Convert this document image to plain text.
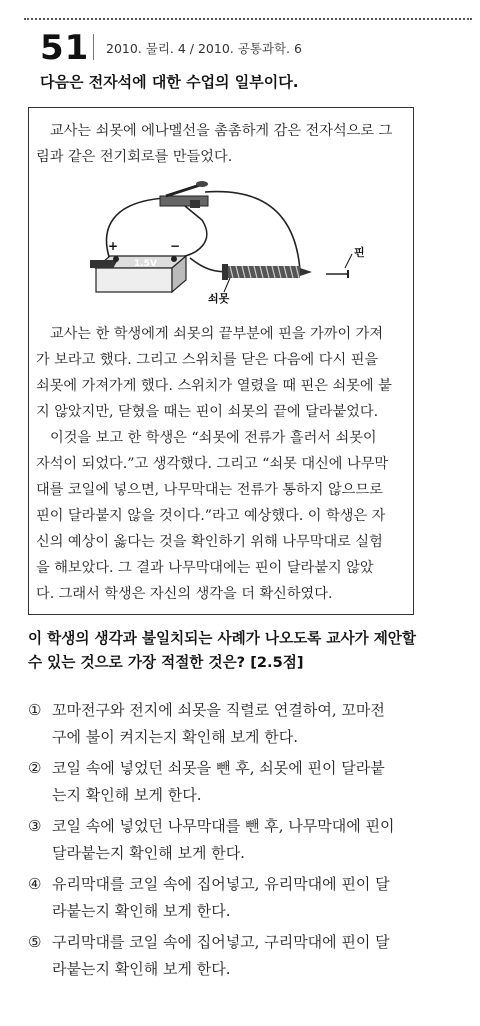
51 2010. 물리. 4 / 2010. 공통과학. 6
다음은 전자석에 대한 수업의 일부이다.
교사는 쇠못에 에나멜선을 촘촘하게 감은 전자석으로 그
림과 같은 전기회로를 만들었다.
1.5V
+	−
쇠못
핀
교사는 한 학생에게 쇠못의 끝부분에 핀을 가까이 가져
가 보라고 했다. 그리고 스위치를 닫은 다음에 다시 핀을
쇠못에 가져가게 했다. 스위치가 열렸을 때 핀은 쇠못에 붙
지 않았지만, 닫혔을 때는 핀이 쇠못의 끝에 달라붙었다.
이것을 보고 한 학생은 “쇠못에 전류가 흘러서 쇠못이
자석이 되었다.”고 생각했다. 그리고 “쇠못 대신에 나무막
대를 코일에 넣으면, 나무막대는 전류가 통하지 않으므로
핀이 달라붙지 않을 것이다.”라고 예상했다. 이 학생은 자
신의 예상이 옳다는 것을 확인하기 위해 나무막대로 실험
을 해보았다. 그 결과 나무막대에는 핀이 달라붙지 않았
다. 그래서 학생은 자신의 생각을 더 확신하였다.
이 학생의 생각과 불일치되는 사례가 나오도록 교사가 제안할
수 있는 것으로 가장 적절한 것은? [2.5점]
① 꼬마전구와 전지에 쇠못을 직렬로 연결하여, 꼬마전
구에 불이 켜지는지 확인해 보게 한다.
② 코일 속에 넣었던 쇠못을 뺀 후, 쇠못에 핀이 달라붙
는지 확인해 보게 한다.
③ 코일 속에 넣었던 나무막대를 뺀 후, 나무막대에 핀이
달라붙는지 확인해 보게 한다.
④ 유리막대를 코일 속에 집어넣고, 유리막대에 핀이 달
라붙는지 확인해 보게 한다.
⑤ 구리막대를 코일 속에 집어넣고, 구리막대에 핀이 달
라붙는지 확인해 보게 한다.
